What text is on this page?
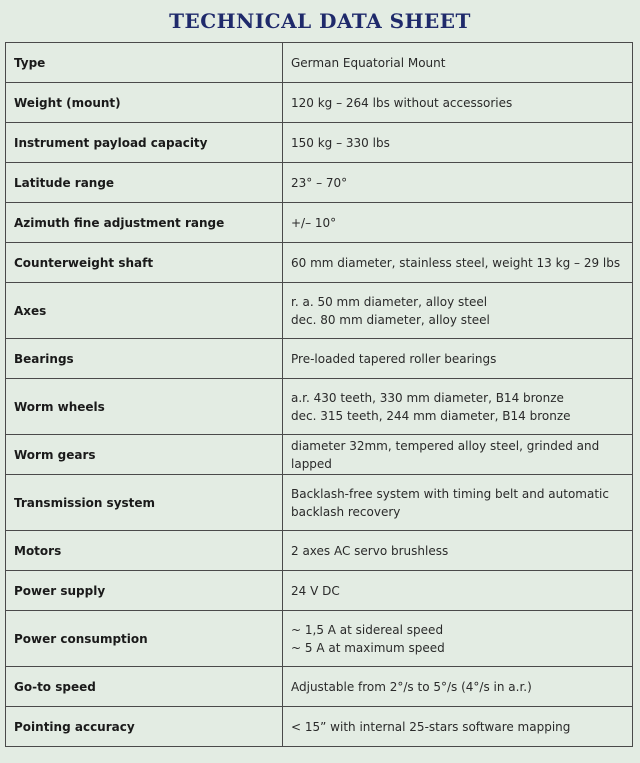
TECHNICAL DATA SHEET
Type	German Equatorial Mount

Weight (mount)	120 kg – 264 lbs without accessories

Instrument payload capacity	150 kg – 330 lbs

Latitude range	23° – 70°

Azimuth fine adjustment range	+/– 10°

Counterweight shaft	60 mm diameter, stainless steel, weight 13 kg – 29 lbs

Axes	r. a. 50 mm diameter, alloy steel
dec. 80 mm diameter, alloy steel

Bearings	Pre-loaded tapered roller bearings

Worm wheels	a.r. 430 teeth, 330 mm diameter, B14 bronze
dec. 315 teeth, 244 mm diameter, B14 bronze

Worm gears	diameter 32mm, tempered alloy steel, grinded and lapped

Transmission system	Backlash-free system with timing belt and automatic
backlash recovery

Motors	2 axes AC servo brushless

Power supply	24 V DC

Power consumption	~ 1,5 A at sidereal speed
~ 5 A at maximum speed

Go-to speed	Adjustable from 2°/s to 5°/s (4°/s in a.r.)

Pointing accuracy	< 15” with internal 25-stars software mapping
